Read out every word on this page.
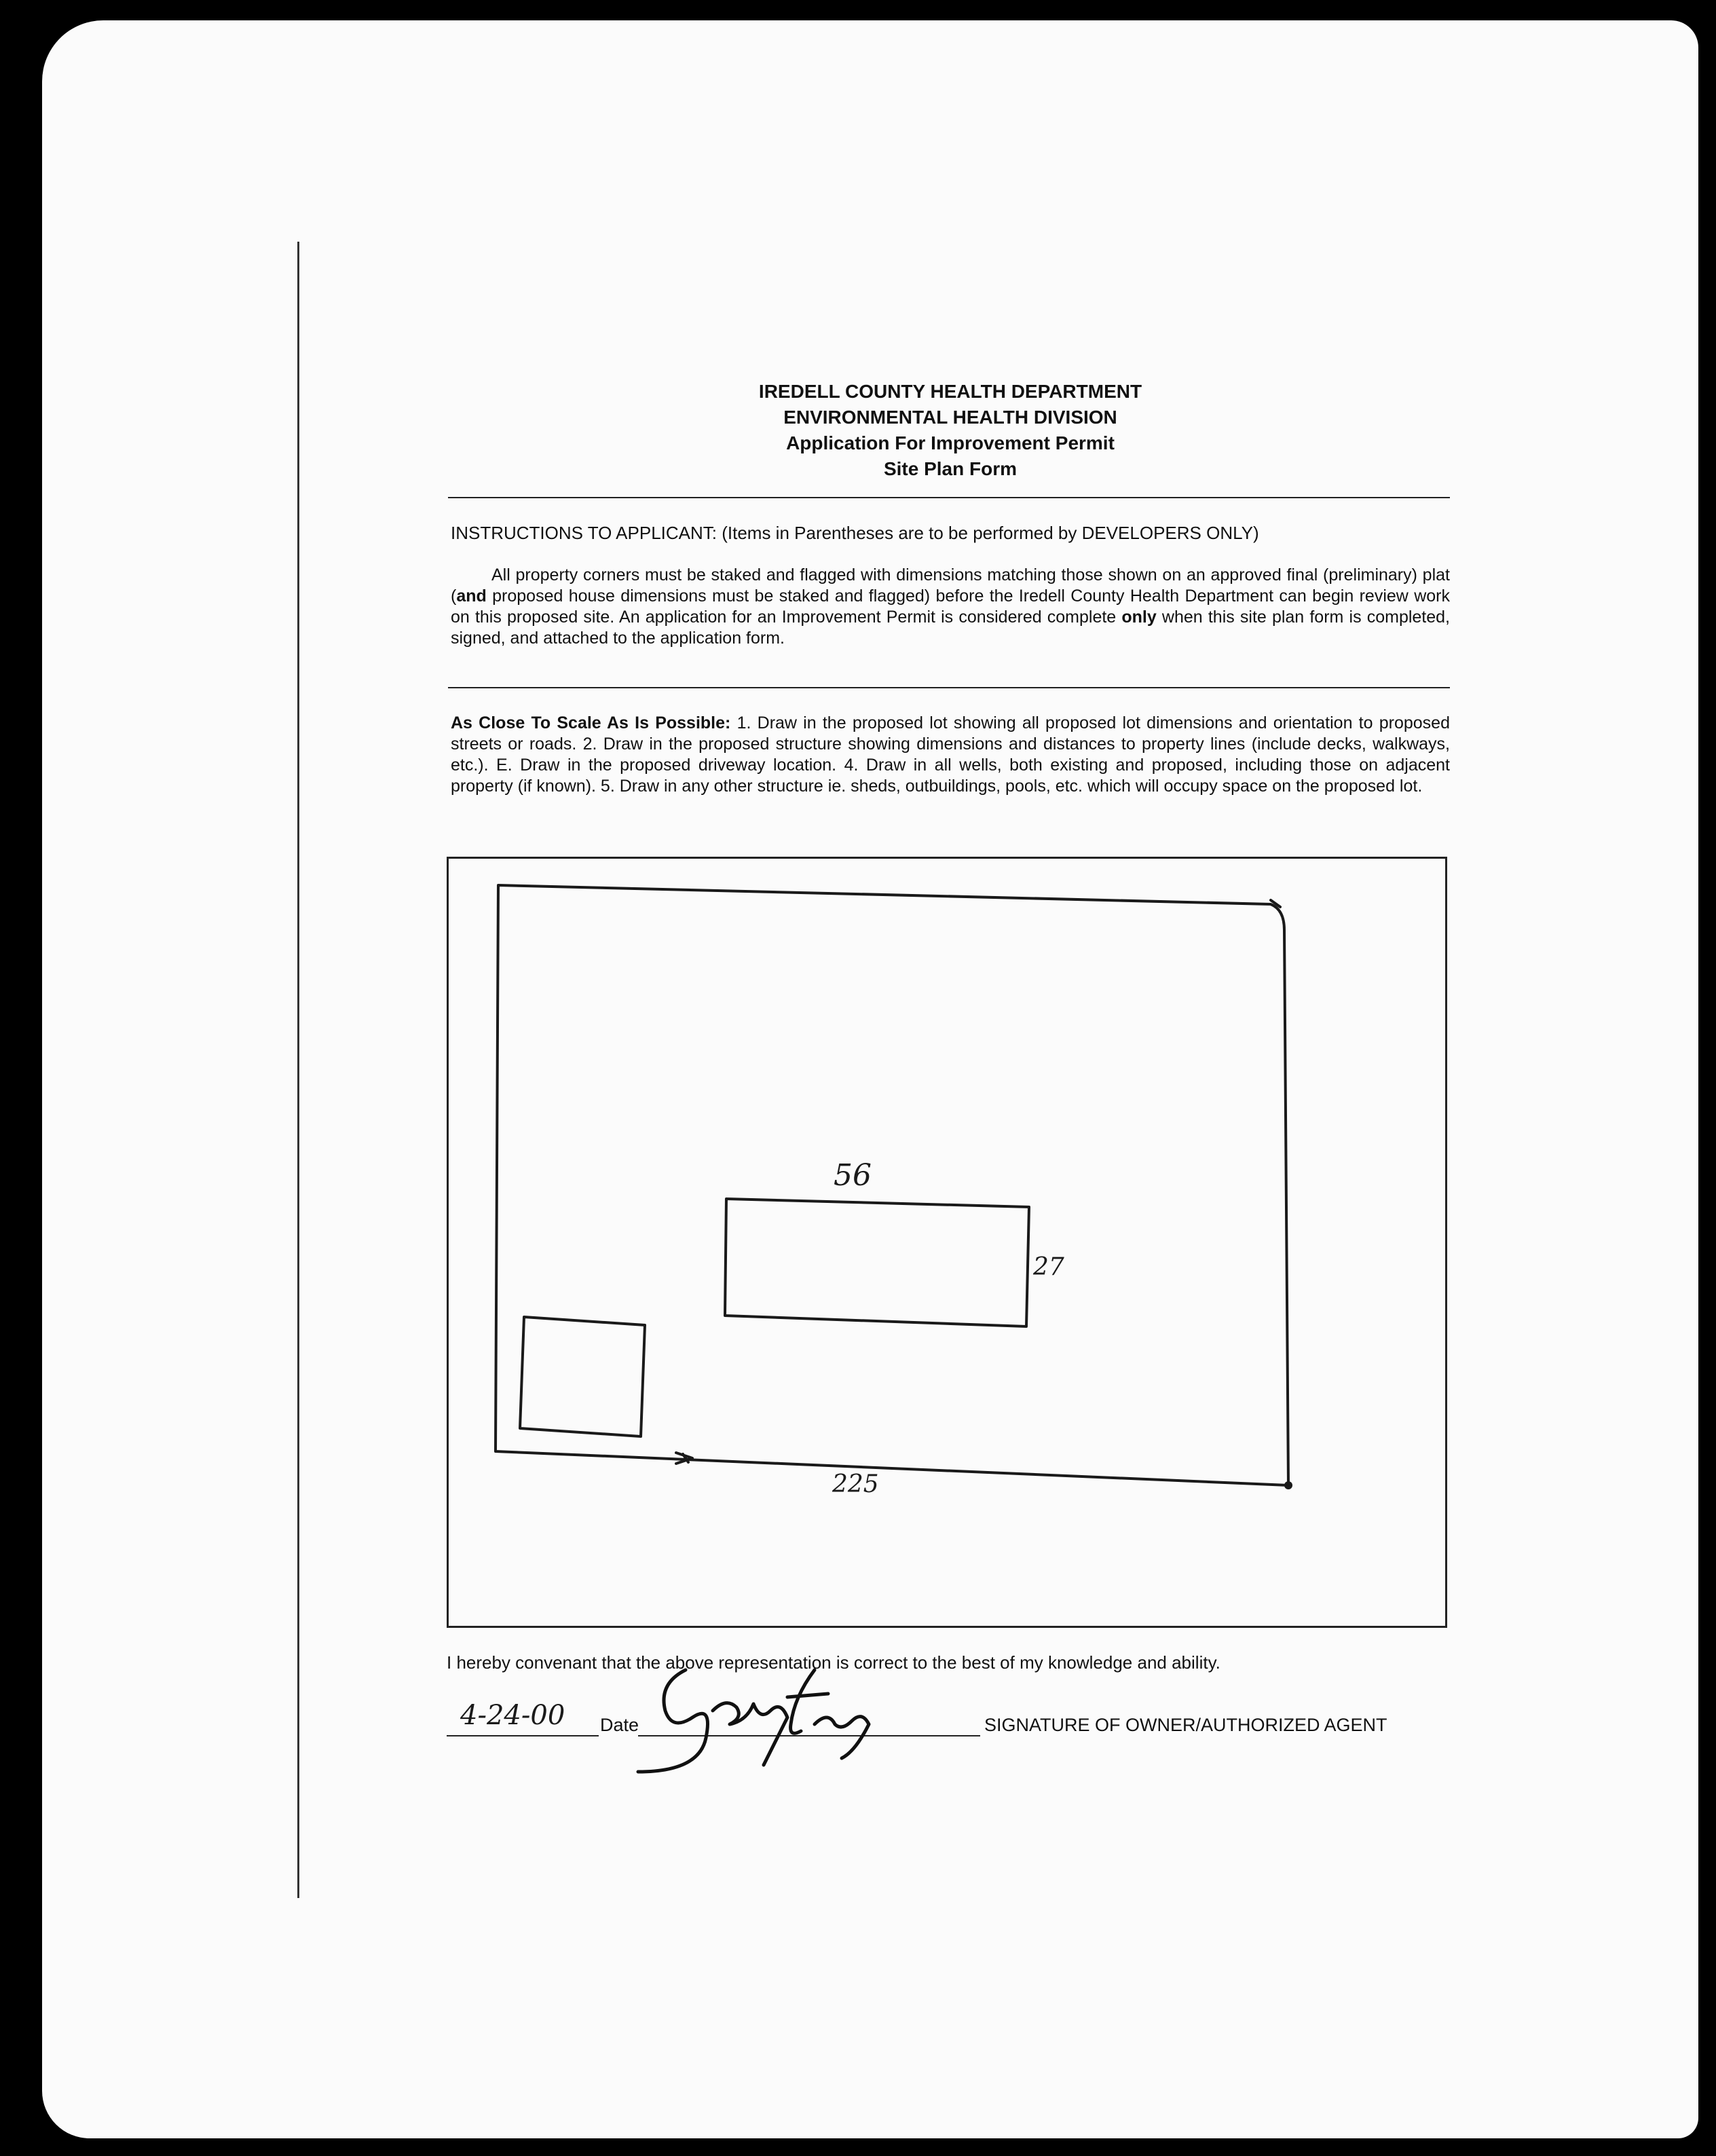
IREDELL COUNTY HEALTH DEPARTMENT
ENVIRONMENTAL HEALTH DIVISION
Application For Improvement Permit
Site Plan Form
INSTRUCTIONS TO APPLICANT: (Items in Parentheses are to be performed by DEVELOPERS ONLY)

All property corners must be staked and flagged with dimensions matching those shown on an approved final (preliminary) plat (and proposed house dimensions must be staked and flagged) before the Iredell County Health Department can begin review work on this proposed site. An application for an Improvement Permit is considered complete only when this site plan form is completed, signed, and attached to the application form.

As Close To Scale As Is Possible: 1. Draw in the proposed lot showing all proposed lot dimensions and orientation to proposed streets or roads. 2. Draw in the proposed structure showing dimensions and distances to property lines (include decks, walkways, etc.). E. Draw in the proposed driveway location. 4. Draw in all wells, both existing and proposed, including those on adjacent property (if known). 5. Draw in any other structure ie. sheds, outbuildings, pools, etc. which will occupy space on the proposed lot.

56
27
225
I hereby convenant that the above representation is correct to the best of my knowledge and ability.
4-24-00 Date	SIGNATURE OF OWNER/AUTHORIZED AGENT
